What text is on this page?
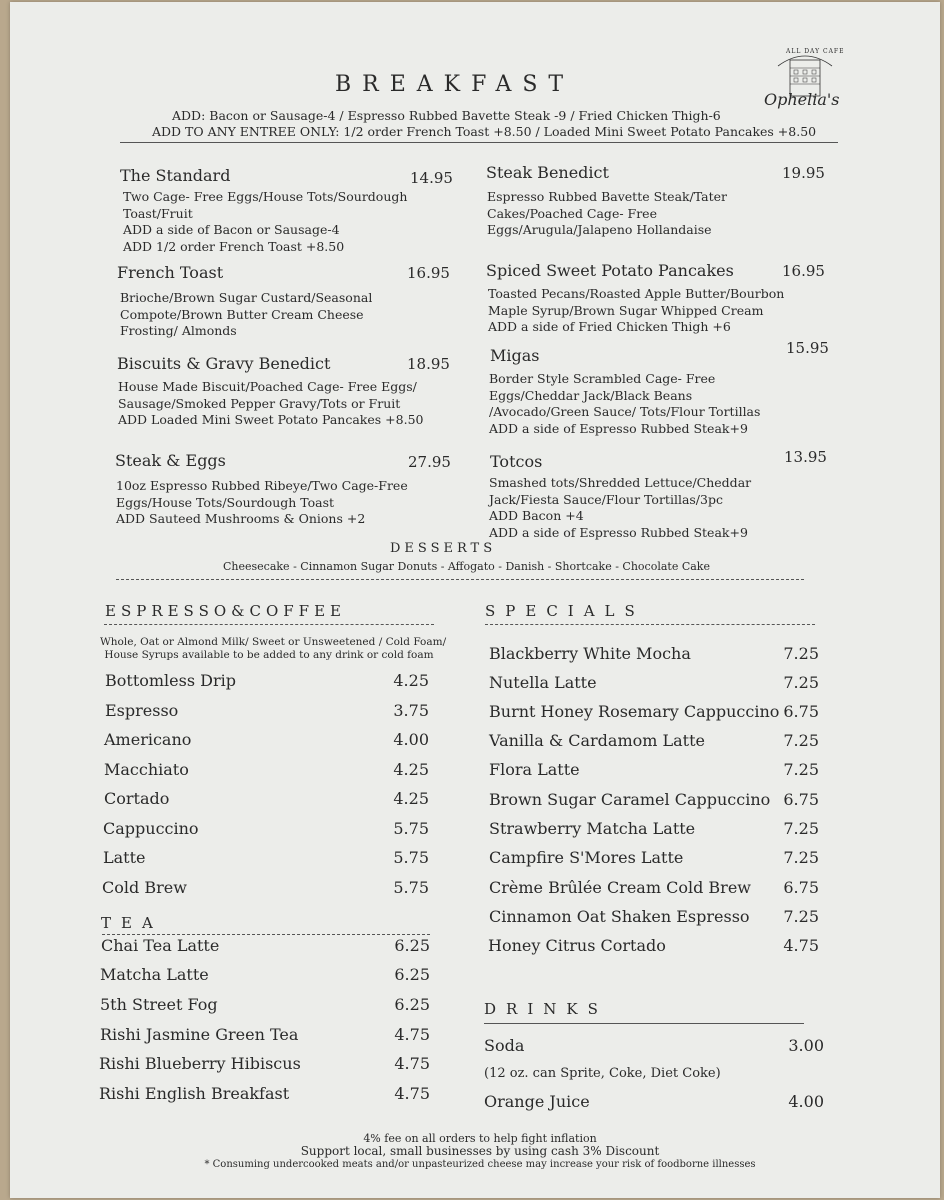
ALL DAY CAFE
Ophelia's
BREAKFAST
ADD: Bacon or Sausage-4 / Espresso Rubbed Bavette Steak -9 / Fried Chicken Thigh-6
ADD TO ANY ENTREE ONLY: 1/2 order French Toast +8.50 / Loaded Mini Sweet Potato Pancakes +8.50
The Standard	14.95
Two Cage- Free Eggs/House Tots/Sourdough
Toast/Fruit
ADD a side of Bacon or Sausage-4
ADD 1/2 order French Toast +8.50
French Toast	16.95
Brioche/Brown Sugar Custard/Seasonal
Compote/Brown Butter Cream Cheese
Frosting/ Almonds
Biscuits & Gravy Benedict	18.95
House Made Biscuit/Poached Cage- Free Eggs/
Sausage/Smoked Pepper Gravy/Tots or Fruit
ADD Loaded Mini Sweet Potato Pancakes +8.50
Steak & Eggs	27.95
10oz Espresso Rubbed Ribeye/Two Cage-Free
Eggs/House Tots/Sourdough Toast
ADD Sauteed Mushrooms & Onions +2
Steak Benedict	19.95
Espresso Rubbed Bavette Steak/Tater
Cakes/Poached Cage- Free
Eggs/Arugula/Jalapeno Hollandaise
Spiced Sweet Potato Pancakes	16.95
Toasted Pecans/Roasted Apple Butter/Bourbon
Maple Syrup/Brown Sugar Whipped Cream
ADD a side of Fried Chicken Thigh +6
Migas	15.95
Border Style Scrambled Cage- Free
Eggs/Cheddar Jack/Black Beans
/Avocado/Green Sauce/ Tots/Flour Tortillas
ADD a side of Espresso Rubbed Steak+9
Totcos	13.95
Smashed tots/Shredded Lettuce/Cheddar
Jack/Fiesta Sauce/Flour Tortillas/3pc
ADD Bacon +4
ADD a side of Espresso Rubbed Steak+9
DESSERTS
Cheesecake - Cinnamon Sugar Donuts - Affogato - Danish - Shortcake - Chocolate Cake
ESPRESSO&COFFEE
Whole, Oat or Almond Milk/ Sweet or Unsweetened / Cold Foam/
House Syrups available to be added to any drink or cold foam
Bottomless Drip	4.25
Espresso	3.75
Americano	4.00
Macchiato	4.25
Cortado	4.25
Cappuccino	5.75
Latte	5.75
Cold Brew	5.75
TEA
Chai Tea Latte	6.25
Matcha Latte	6.25
5th Street Fog	6.25
Rishi Jasmine Green Tea	4.75
Rishi Blueberry Hibiscus	4.75
Rishi English Breakfast	4.75
SPECIALS
Blackberry White Mocha	7.25
Nutella Latte	7.25
Burnt Honey Rosemary Cappuccino 6.75
Vanilla & Cardamom Latte	7.25
Flora Latte	7.25
Brown Sugar Caramel Cappuccino 6.75
Strawberry Matcha Latte	7.25
Campfire S'Mores Latte	7.25
Crème Brûlée Cream Cold Brew 6.75
Cinnamon Oat Shaken Espresso 7.25
Honey Citrus Cortado	4.75
DRINKS
Soda	3.00
(12 oz. can Sprite, Coke, Diet Coke)
Orange Juice	4.00
4% fee on all orders to help fight inflation
Support local, small businesses by using cash 3% Discount
* Consuming undercooked meats and/or unpasteurized cheese may increase your risk of foodborne illnesses
